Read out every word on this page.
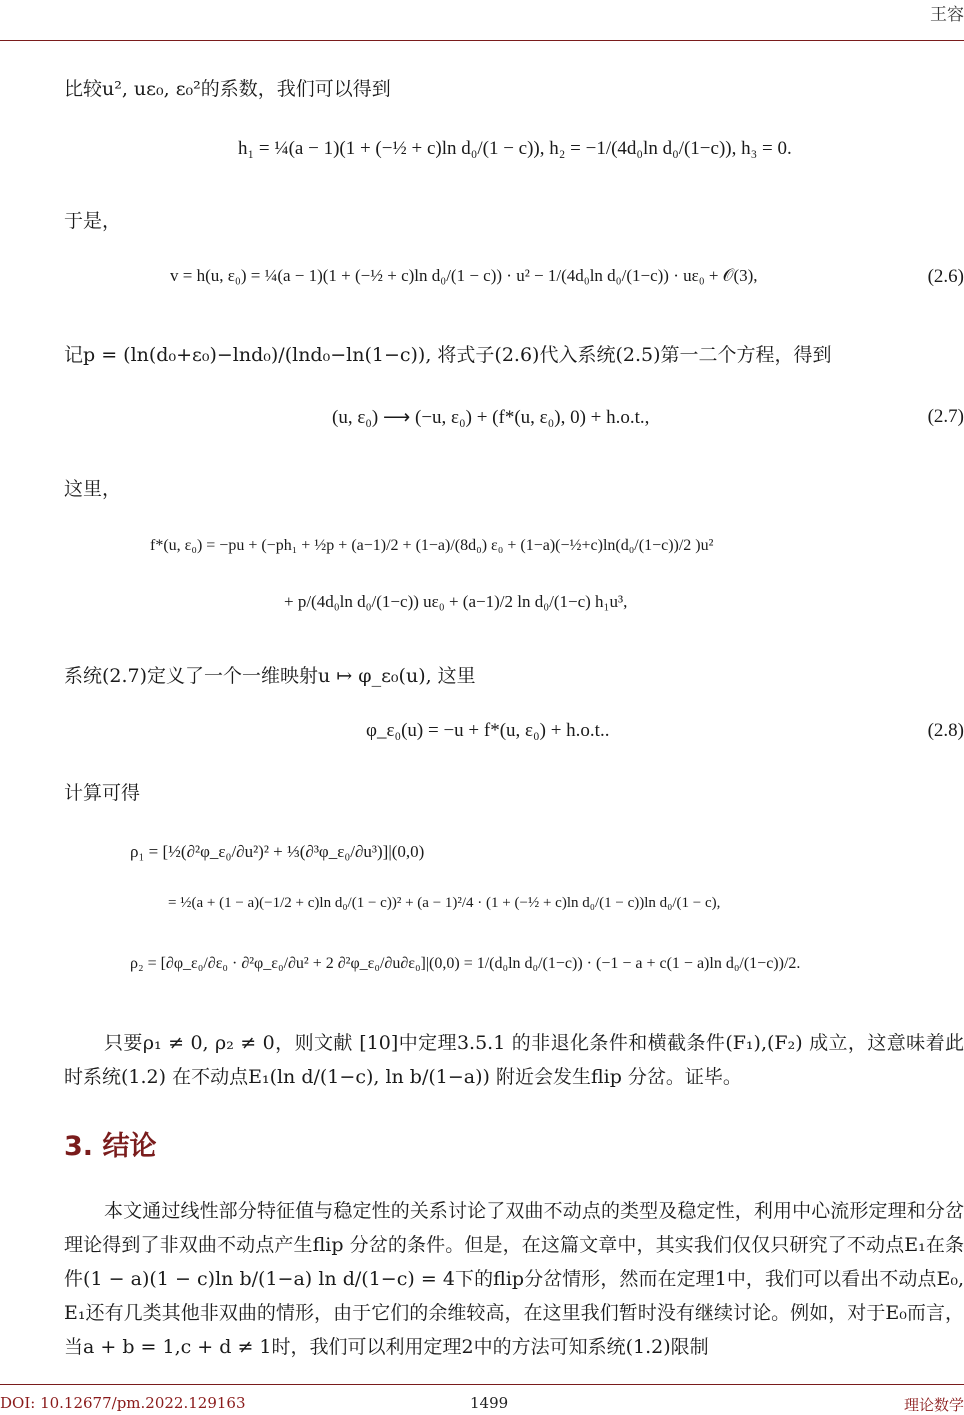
王容
比较u², uε₀, ε₀²的系数，我们可以得到
h₁ = ¼(a − 1)(1 + (−½ + c)ln d₀/(1 − c)), h₂ = −1/(4d₀ln d₀/(1−c)), h₃ = 0.
于是，
v = h(u, ε₀) = ¼(a − 1)(1 + (−½ + c)ln d₀/(1 − c)) · u² − 1/(4d₀ln d₀/(1−c)) · uε₀ + 𝒪(3),	(2.6)
记p = (ln(d₀+ε₀)−lnd₀)/(lnd₀−ln(1−c)), 将式子(2.6)代入系统(2.5)第一二个方程，得到
(u, ε₀) ⟶ (−u, ε₀) + (f*(u, ε₀), 0) + h.o.t.,	(2.7)
这里，
f*(u, ε₀) = −pu + (−ph₁ + ½p + (a−1)/2 + (1−a)/(8d₀) ε₀ + (1−a)(−½+c)ln(d₀/(1−c))/2 )u²
+ p/(4d₀ln d₀/(1−c)) uε₀ + (a−1)/2 ln d₀/(1−c) h₁u³,
系统(2.7)定义了一个一维映射u ↦ φ_ε₀(u), 这里
φ_ε₀(u) = −u + f*(u, ε₀) + h.o.t..	(2.8)
计算可得
ρ₁ = [½(∂²φ_ε₀/∂u²)² + ⅓(∂³φ_ε₀/∂u³)]|(0,0)
= ½(a + (1 − a)(−1/2 + c)ln d₀/(1 − c))² + (a − 1)²/4 · (1 + (−½ + c)ln d₀/(1 − c))ln d₀/(1 − c),
ρ₂ = [∂φ_ε₀/∂ε₀ · ∂²φ_ε₀/∂u² + 2 ∂²φ_ε₀/∂u∂ε₀]|(0,0) = 1/(d₀ln d₀/(1−c)) · (−1 − a + c(1 − a)ln d₀/(1−c))/2.
只要ρ₁ ≠ 0, ρ₂ ≠ 0，则文献 [10]中定理3.5.1 的非退化条件和横截条件(F₁),(F₂) 成立，这意味着此时系统(1.2) 在不动点E₁(ln d/(1−c), ln b/(1−a)) 附近会发生flip 分岔。证毕。
3. 结论
本文通过线性部分特征值与稳定性的关系讨论了双曲不动点的类型及稳定性，利用中心流形定理和分岔理论得到了非双曲不动点产生flip 分岔的条件。但是，在这篇文章中，其实我们仅仅只研究了不动点E₁在条件(1 − a)(1 − c)ln b/(1−a) ln d/(1−c) = 4下的flip分岔情形，然而在定理1中，我们可以看出不动点E₀, E₁还有几类其他非双曲的情形，由于它们的余维较高，在这里我们暂时没有继续讨论。例如，对于E₀而言，当a + b = 1,c + d ≠ 1时，我们可以利用定理2中的方法可知系统(1.2)限制
DOI: 10.12677/pm.2022.129163	1499	理论数学
